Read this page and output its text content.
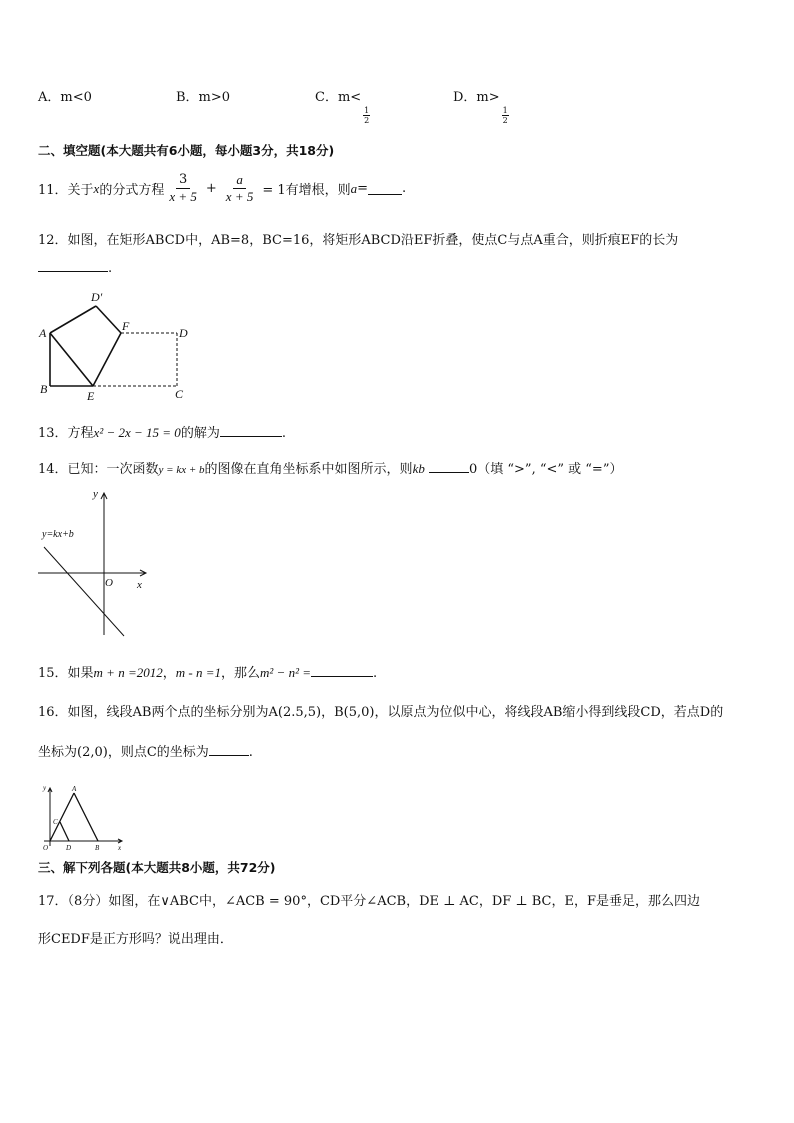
A．m<0	B．m>0	C．m<
$\frac{1}{2}$
D．m>
$\frac{1}{2}$
二、填空题(本大题共有6小题，每小题3分，共18分)
11．关于 x 的分式方程 $\frac{3}{x + 5} + \frac{a}{x + 5} = 1$有增根，则 a =	.
12．如图，在矩形ABCD中，AB=8，BC=16，将矩形ABCD沿EF折叠，使点C与点A重合，则折痕EF的长为
.
D′
A	F	D
B	E	C
13．方程x² − 2x − 15 = 0的解为	.
14．已知：一次函数y = kx + b的图像在直角坐标系中如图所示，则kb	0（填 “>”, “<” 或 “=”）
y
x
O
y=kx+b
15．如果m + n =2012，m - n =1，那么m² − n² =	.
16．如图，线段AB两个点的坐标分别为A(2.5,5)，B(5,0)，以原点为位似中心，将线段AB缩小得到线段CD，若点D的
坐标为(2,0)，则点C的坐标为	.
y
x
O
A
B
C
D
三、解下列各题(本大题共8小题，共72分)
17．（8分）如图，在∨ABC中，∠ACB = 90°，CD平分∠ACB，DE ⊥ AC，DF ⊥ BC，E，F是垂足，那么四边
形CEDF是正方形吗？说出理由．
